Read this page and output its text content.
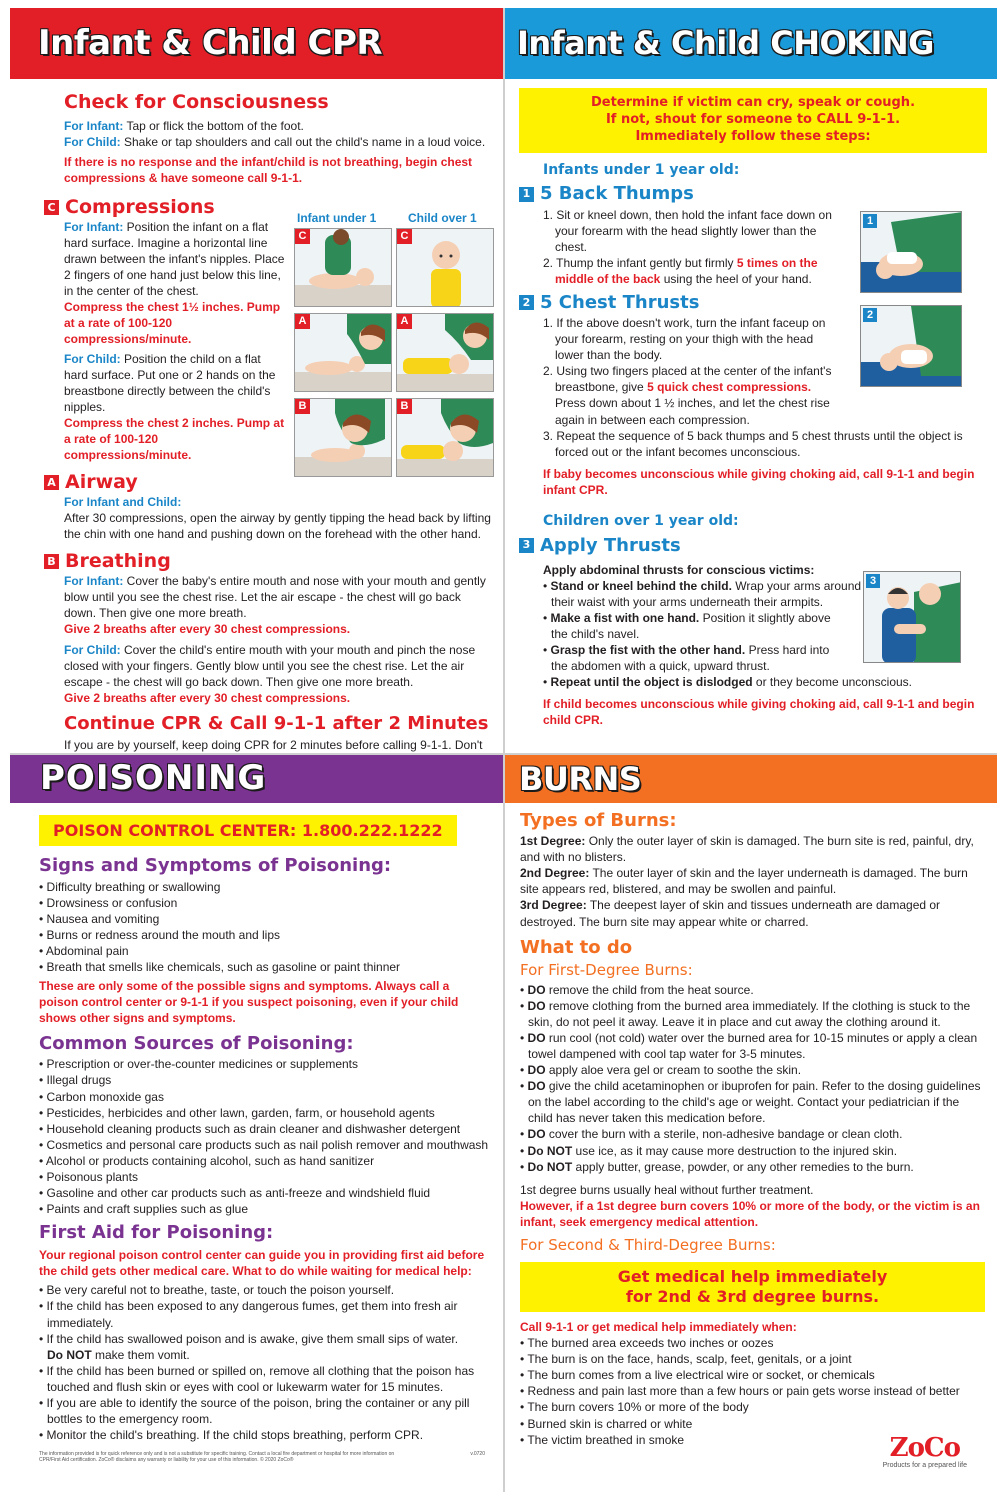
Infant & Child CPR
Check for Consciousness

For Infant: Tap or flick the bottom of the foot.

For Child: Shake or tap shoulders and call out the child's name in a loud voice.

If there is no response and the infant/child is not breathing, begin chest compressions & have someone call 9-1-1.

C Compressions

For Infant: Position the infant on a flat hard surface. Imagine a horizontal line drawn between the infant's nipples. Place 2 fingers of one hand just below this line, in the center of the chest.

Compress the chest 1½ inches. Pump at a rate of 100-120 compressions/minute.

For Child: Position the child on a flat hard surface. Put one or 2 hands on the breastbone directly between the child's nipples.

Compress the chest 2 inches. Pump at a rate of 100-120 compressions/minute.

A Airway

For Infant and Child:

After 30 compressions, open the airway by gently tipping the head back by lifting the chin with one hand and pushing down on the forehead with the other hand.

B Breathing

For Infant: Cover the baby's entire mouth and nose with your mouth and gently blow until you see the chest rise. Let the air escape - the chest will go back down. Then give one more breath.

Give 2 breaths after every 30 chest compressions.

For Child: Cover the child's entire mouth with your mouth and pinch the nose closed with your fingers. Gently blow until you see the chest rise. Let the air escape - the chest will go back down. Then give one more breath.

Give 2 breaths after every 30 chest compressions.

Continue CPR & Call 9-1-1 after 2 Minutes

If you are by yourself, keep doing CPR for 2 minutes before calling 9-1-1. Don't

Infant under 1	Child over 1
C	C
A	A
B	B
Infant & Child CHOKING
Determine if victim can cry, speak or cough.
If not, shout for someone to CALL 9-1-1.
Immediately follow these steps:
Infants under 1 year old:
1 5 Back Thumps
1. Sit or kneel down, then hold the infant face down on your forearm with the head slightly lower than the chest.
2. Thump the infant gently but firmly 5 times on the middle of the back using the heel of your hand.
2 5 Chest Thrusts
1. If the above doesn't work, turn the infant faceup on your forearm, resting on your thigh with the head lower than the body.
2. Using two fingers placed at the center of the infant's breastbone, give 5 quick chest compressions. Press down about 1 ½ inches, and let the chest rise again in between each compression.
3. Repeat the sequence of 5 back thumps and 5 chest thrusts until the object is forced out or the infant becomes unconscious.

If baby becomes unconscious while giving choking aid, call 9-1-1 and begin infant CPR.

Children over 1 year old:
3 Apply Thrusts

Apply abdominal thrusts for conscious victims:

• Stand or kneel behind the child. Wrap your arms around their waist with your arms underneath their armpits.
• Make a fist with one hand. Position it slightly above the child's navel.
• Grasp the fist with the other hand. Press hard into the abdomen with a quick, upward thrust.
• Repeat until the object is dislodged or they become unconscious.

If child becomes unconscious while giving choking aid, call 9-1-1 and begin child CPR.

1
2
3
POISONING
POISON CONTROL CENTER: 1.800.222.1222
Signs and Symptoms of Poisoning:
• Difficulty breathing or swallowing
• Drowsiness or confusion
• Nausea and vomiting
• Burns or redness around the mouth and lips
• Abdominal pain
• Breath that smells like chemicals, such as gasoline or paint thinner

These are only some of the possible signs and symptoms. Always call a poison control center or 9-1-1 if you suspect poisoning, even if your child shows other signs and symptoms.

Common Sources of Poisoning:
• Prescription or over-the-counter medicines or supplements
• Illegal drugs
• Carbon monoxide gas
• Pesticides, herbicides and other lawn, garden, farm, or household agents
• Household cleaning products such as drain cleaner and dishwasher detergent
• Cosmetics and personal care products such as nail polish remover and mouthwash
• Alcohol or products containing alcohol, such as hand sanitizer
• Poisonous plants
• Gasoline and other car products such as anti-freeze and windshield fluid
• Paints and craft supplies such as glue
First Aid for Poisoning:

Your regional poison control center can guide you in providing first aid before the child gets other medical care. What to do while waiting for medical help:

• Be very careful not to breathe, taste, or touch the poison yourself.
• If the child has been exposed to any dangerous fumes, get them into fresh air immediately.
• If the child has swallowed poison and is awake, give them small sips of water.
Do NOT make them vomit.
• If the child has been burned or spilled on, remove all clothing that the poison has touched and flush skin or eyes with cool or lukewarm water for 15 minutes.
• If you are able to identify the source of the poison, bring the container or any pill bottles to the emergency room.
• Monitor the child's breathing. If the child stops breathing, perform CPR.

The information provided is for quick reference only and is not a substitute for specific training. Contact a local fire department or hospital for more information on CPR/First Aid certification. ZoCo® disclaims any warranty or liability for your use of this information. © 2020 ZoCo®

v.0720

BURNS
Types of Burns:

1st Degree: Only the outer layer of skin is damaged. The burn site is red, painful, dry, and with no blisters.

2nd Degree: The outer layer of skin and the layer underneath is damaged. The burn site appears red, blistered, and may be swollen and painful.

3rd Degree: The deepest layer of skin and tissues underneath are damaged or destroyed. The burn site may appear white or charred.

What to do
For First-Degree Burns:
• DO remove the child from the heat source.
• DO remove clothing from the burned area immediately. If the clothing is stuck to the skin, do not peel it away. Leave it in place and cut away the clothing around it.
• DO run cool (not cold) water over the burned area for 10-15 minutes or apply a clean towel dampened with cool tap water for 3-5 minutes.
• DO apply aloe vera gel or cream to soothe the skin.
• DO give the child acetaminophen or ibuprofen for pain. Refer to the dosing guidelines on the label according to the child's age or weight. Contact your pediatrician if the child has never taken this medication before.
• DO cover the burn with a sterile, non-adhesive bandage or clean cloth.
• Do NOT use ice, as it may cause more destruction to the injured skin.
• Do NOT apply butter, grease, powder, or any other remedies to the burn.

1st degree burns usually heal without further treatment.

However, if a 1st degree burn covers 10% or more of the body, or the victim is an infant, seek emergency medical attention.

For Second & Third-Degree Burns:
Get medical help immediately
for 2nd & 3rd degree burns.

Call 9-1-1 or get medical help immediately when:

• The burned area exceeds two inches or oozes
• The burn is on the face, hands, scalp, feet, genitals, or a joint
• The burn comes from a live electrical wire or socket, or chemicals
• Redness and pain last more than a few hours or pain gets worse instead of better
• The burn covers 10% or more of the body
• Burned skin is charred or white
• The victim breathed in smoke	ZoCo
Products for a prepared life
